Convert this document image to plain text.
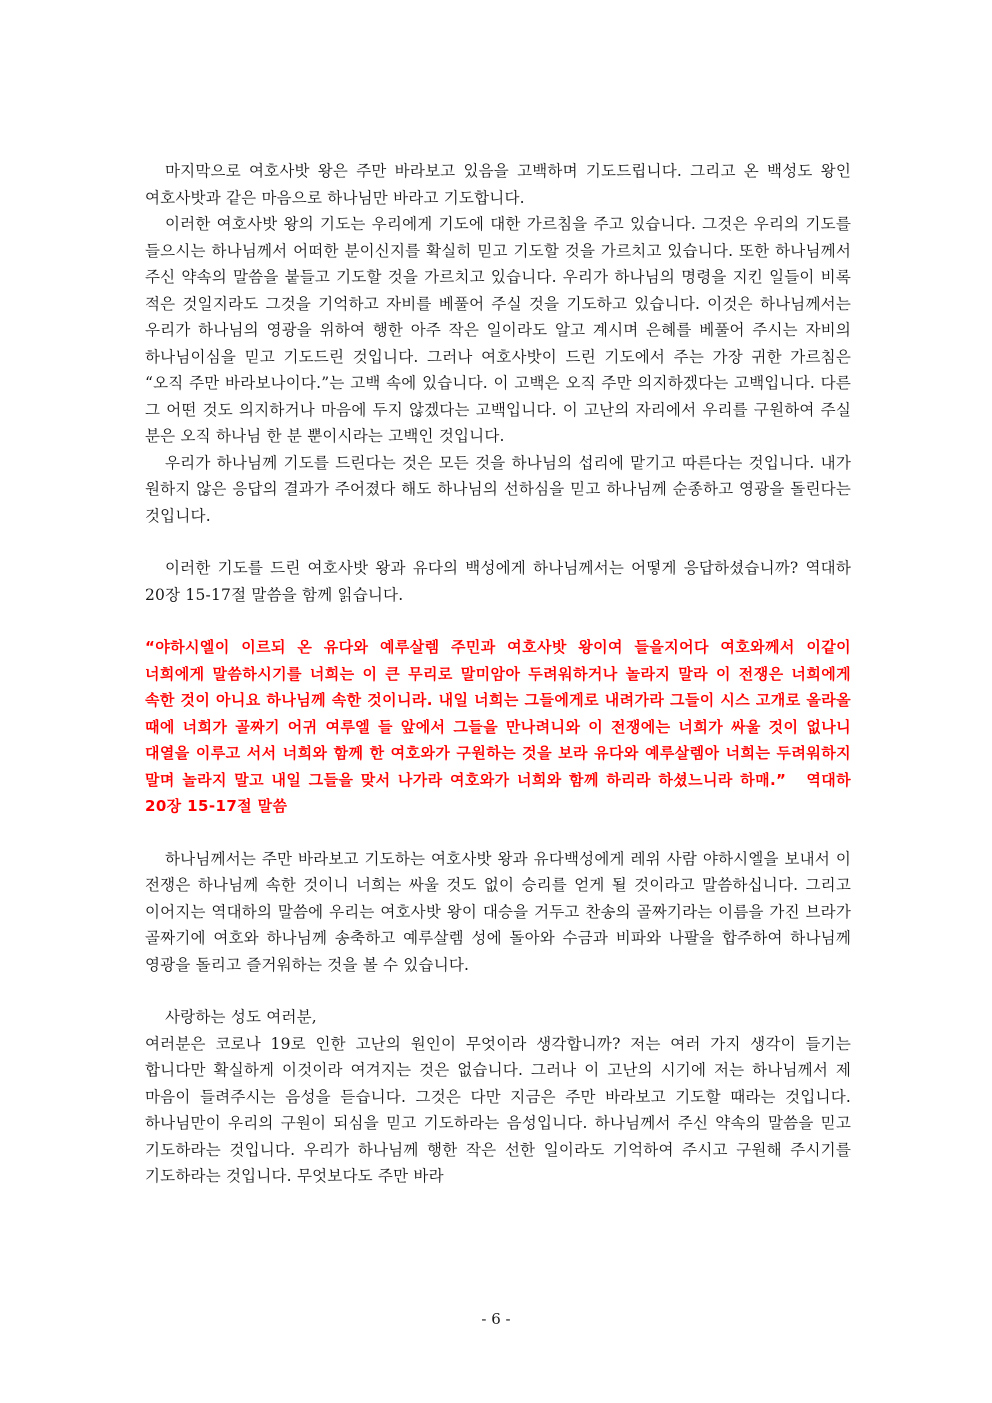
마지막으로 여호사밧 왕은 주만 바라보고 있음을 고백하며 기도드립니다. 그리고 온 백성도 왕인 여호사밧과 같은 마음으로 하나님만 바라고 기도합니다.

이러한 여호사밧 왕의 기도는 우리에게 기도에 대한 가르침을 주고 있습니다. 그것은 우리의 기도를 들으시는 하나님께서 어떠한 분이신지를 확실히 믿고 기도할 것을 가르치고 있습니다. 또한 하나님께서 주신 약속의 말씀을 붙들고 기도할 것을 가르치고 있습니다. 우리가 하나님의 명령을 지킨 일들이 비록 적은 것일지라도 그것을 기억하고 자비를 베풀어 주실 것을 기도하고 있습니다. 이것은 하나님께서는 우리가 하나님의 영광을 위하여 행한 아주 작은 일이라도 알고 계시며 은혜를 베풀어 주시는 자비의 하나님이심을 믿고 기도드린 것입니다. 그러나 여호사밧이 드린 기도에서 주는 가장 귀한 가르침은 “오직 주만 바라보나이다.”는 고백 속에 있습니다. 이 고백은 오직 주만 의지하겠다는 고백입니다. 다른 그 어떤 것도 의지하거나 마음에 두지 않겠다는 고백입니다. 이 고난의 자리에서 우리를 구원하여 주실 분은 오직 하나님 한 분 뿐이시라는 고백인 것입니다.

우리가 하나님께 기도를 드린다는 것은 모든 것을 하나님의 섭리에 맡기고 따른다는 것입니다. 내가 원하지 않은 응답의 결과가 주어졌다 해도 하나님의 선하심을 믿고 하나님께 순종하고 영광을 돌린다는 것입니다.

이러한 기도를 드린 여호사밧 왕과 유다의 백성에게 하나님께서는 어떻게 응답하셨습니까? 역대하 20장 15-17절 말씀을 함께 읽습니다.

“야하시엘이 이르되 온 유다와 예루살렘 주민과 여호사밧 왕이여 들을지어다 여호와께서 이같이 너희에게 말씀하시기를 너희는 이 큰 무리로 말미암아 두려워하거나 놀라지 말라 이 전쟁은 너희에게 속한 것이 아니요 하나님께 속한 것이니라. 내일 너희는 그들에게로 내려가라 그들이 시스 고개로 올라올 때에 너희가 골짜기 어귀 여루엘 들 앞에서 그들을 만나려니와 이 전쟁에는 너희가 싸울 것이 없나니 대열을 이루고 서서 너희와 함께 한 여호와가 구원하는 것을 보라 유다와 예루살렘아 너희는 두려워하지 말며 놀라지 말고 내일 그들을 맞서 나가라 여호와가 너희와 함께 하리라 하셨느니라 하매.” 역대하 20장 15-17절 말씀

하나님께서는 주만 바라보고 기도하는 여호사밧 왕과 유다백성에게 레위 사람 야하시엘을 보내서 이 전쟁은 하나님께 속한 것이니 너희는 싸울 것도 없이 승리를 얻게 될 것이라고 말씀하십니다. 그리고 이어지는 역대하의 말씀에 우리는 여호사밧 왕이 대승을 거두고 찬송의 골짜기라는 이름을 가진 브라가 골짜기에 여호와 하나님께 송축하고 예루살렘 성에 돌아와 수금과 비파와 나팔을 합주하여 하나님께 영광을 돌리고 즐거워하는 것을 볼 수 있습니다.

사랑하는 성도 여러분,

여러분은 코로나 19로 인한 고난의 원인이 무엇이라 생각합니까? 저는 여러 가지 생각이 들기는 합니다만 확실하게 이것이라 여겨지는 것은 없습니다. 그러나 이 고난의 시기에 저는 하나님께서 제 마음이 들려주시는 음성을 듣습니다. 그것은 다만 지금은 주만 바라보고 기도할 때라는 것입니다. 하나님만이 우리의 구원이 되심을 믿고 기도하라는 음성입니다. 하나님께서 주신 약속의 말씀을 믿고 기도하라는 것입니다. 우리가 하나님께 행한 작은 선한 일이라도 기억하여 주시고 구원해 주시기를 기도하라는 것입니다. 무엇보다도 주만 바라

- 6 -
